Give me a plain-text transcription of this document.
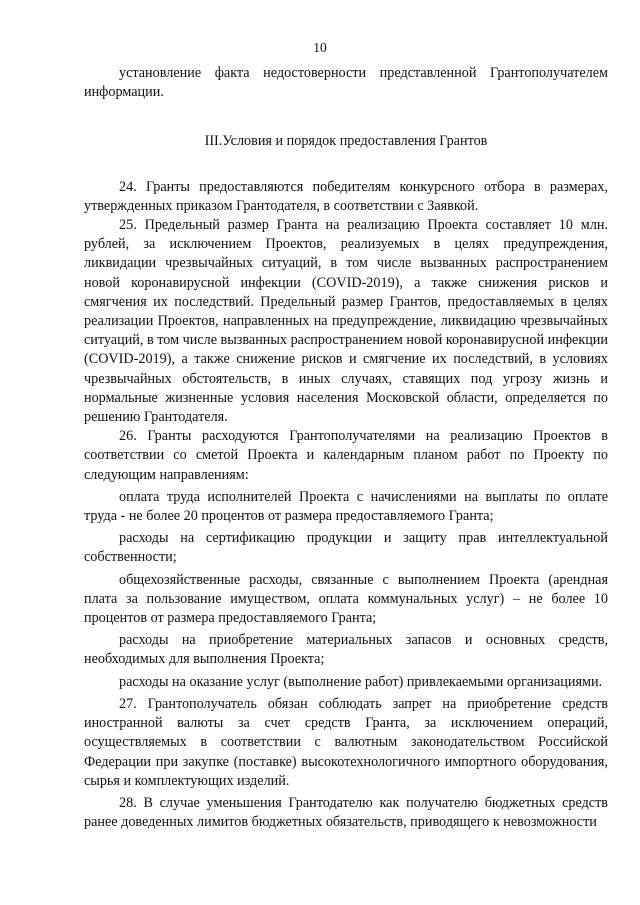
10

установление факта недостоверности представленной Грантополучателем информации.

III.Условия и порядок предоставления Грантов

24. Гранты предоставляются победителям конкурсного отбора в размерах, утвержденных приказом Грантодателя, в соответствии с Заявкой.

25. Предельный размер Гранта на реализацию Проекта составляет 10 млн. рублей, за исключением Проектов, реализуемых в целях предупреждения, ликвидации чрезвычайных ситуаций, в том числе вызванных распространением новой коронавирусной инфекции (COVID-2019), а также снижения рисков и смягчения их последствий. Предельный размер Грантов, предоставляемых в целях реализации Проектов, направленных на предупреждение, ликвидацию чрезвычайных ситуаций, в том числе вызванных распространением новой коронавирусной инфекции (COVID-2019), а также снижение рисков и смягчение их последствий, в условиях чрезвычайных обстоятельств, в иных случаях, ставящих под угрозу жизнь и нормальные жизненные условия населения Московской области, определяется по решению Грантодателя.

26. Гранты расходуются Грантополучателями на реализацию Проектов в соответствии со сметой Проекта и календарным планом работ по Проекту по следующим направлениям:

оплата труда исполнителей Проекта с начислениями на выплаты по оплате труда - не более 20 процентов от размера предоставляемого Гранта;

расходы на сертификацию продукции и защиту прав интеллектуальной собственности;

общехозяйственные расходы, связанные с выполнением Проекта (арендная плата за пользование имуществом, оплата коммунальных услуг) – не более 10 процентов от размера предоставляемого Гранта;

расходы на приобретение материальных запасов и основных средств, необходимых для выполнения Проекта;

расходы на оказание услуг (выполнение работ) привлекаемыми организациями.

27. Грантополучатель обязан соблюдать запрет на приобретение средств иностранной валюты за счет средств Гранта, за исключением операций, осуществляемых в соответствии с валютным законодательством Российской Федерации при закупке (поставке) высокотехнологичного импортного оборудования, сырья и комплектующих изделий.

28. В случае уменьшения Грантодателю как получателю бюджетных средств ранее доведенных лимитов бюджетных обязательств, приводящего к невозможности
